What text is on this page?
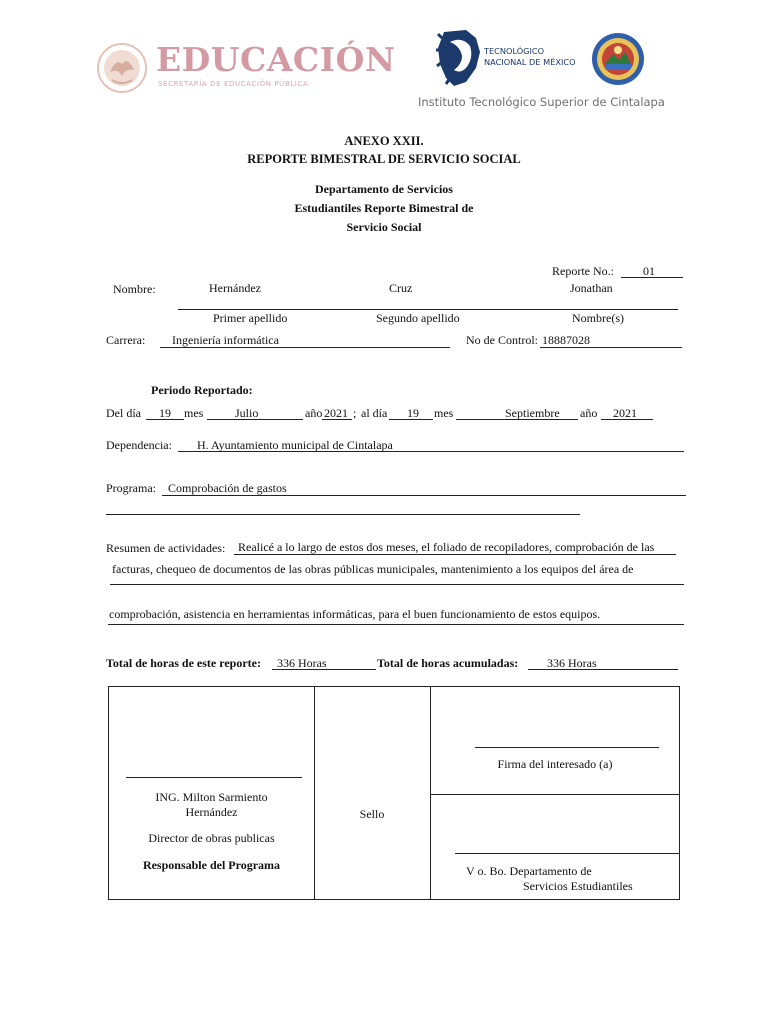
EDUCACIÓN
SECRETARÍA DE EDUCACIÓN PÚBLICA
TECNOLÓGICO
NACIONAL DE MÉXICO
Instituto Tecnológico Superior de Cintalapa
ANEXO XXII.
REPORTE BIMESTRAL DE SERVICIO SOCIAL
Departamento de Servicios
Estudiantiles Reporte Bimestral de
Servicio Social
Reporte No.: 01
Nombre:	Hernández	Cruz	Jonathan
Primer apellido	Segundo apellido	Nombre(s)
Carrera: Ingeniería informática	No de Control: 18887028
Periodo Reportado:
Del día 19 mes	Julio	año 2021 ; al día 19 mes	Septiembre año 2021
Dependencia: H. Ayuntamiento municipal de Cintalapa
Programa: Comprobación de gastos
Resumen de actividades: Realicé a lo largo de estos dos meses, el foliado de recopiladores, comprobación de las
facturas, chequeo de documentos de las obras públicas municipales, mantenimiento a los equipos del área de
comprobación, asistencia en herramientas informáticas, para el buen funcionamiento de estos equipos.
Total de horas de este reporte: 336 Horas	Total de horas acumuladas: 336 Horas
ING. Milton Sarmiento
Hernández
Director de obras publicas
Responsable del Programa
Sello
Firma del interesado (a)
V o. Bo. Departamento de
Servicios Estudiantiles
